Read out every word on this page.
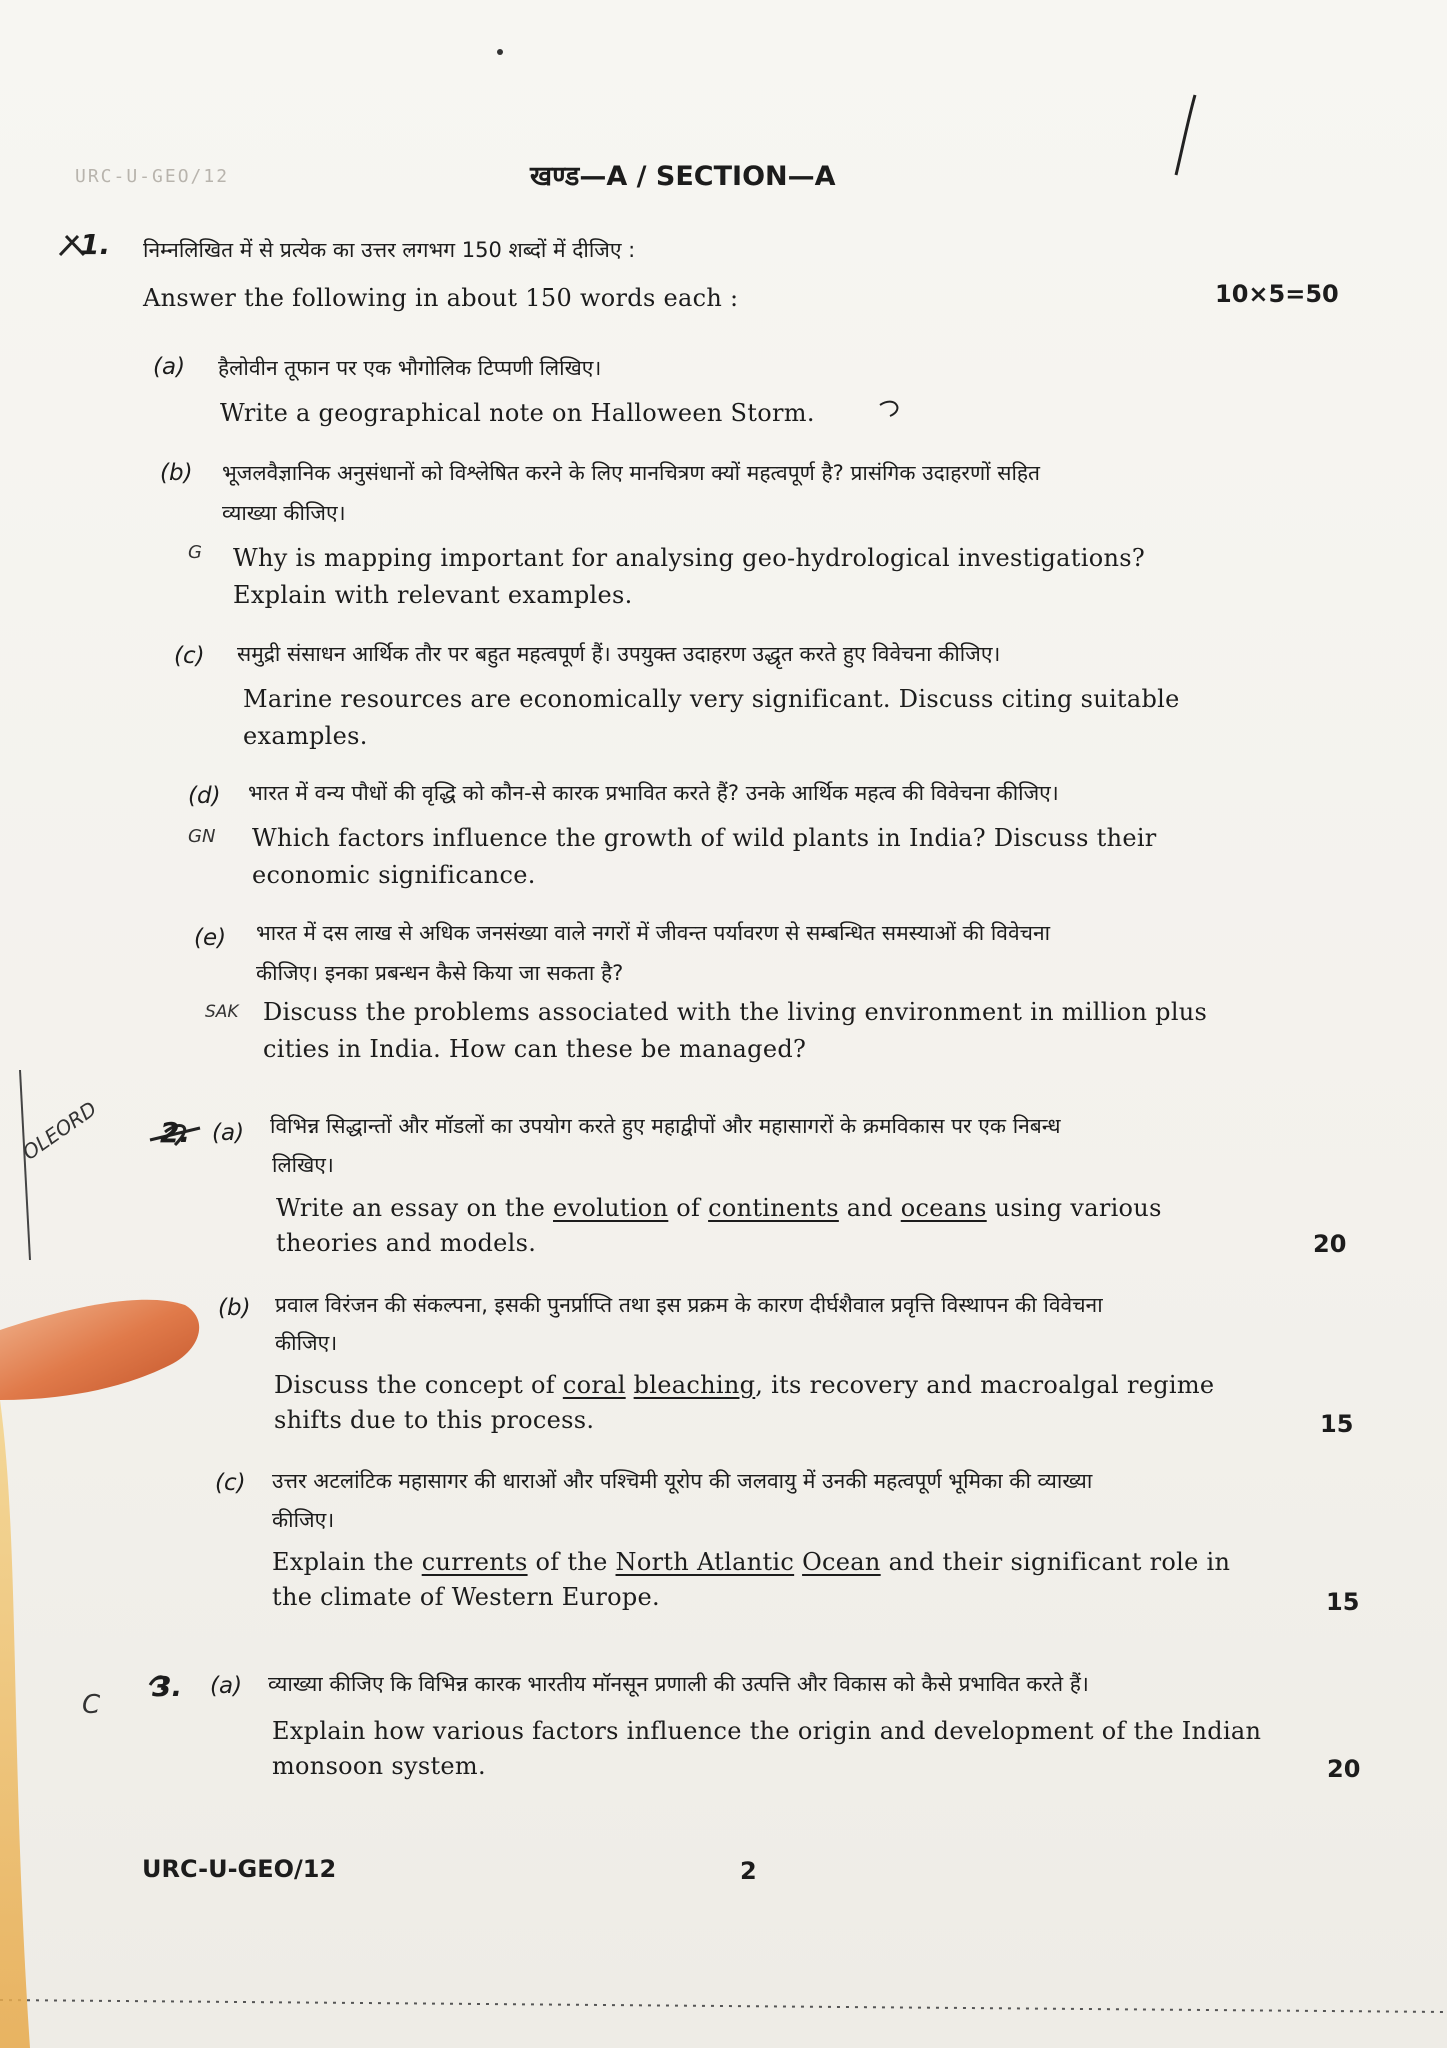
URC-U-GEO/12	खण्ड—A / SECTION—A
1. निम्नलिखित में से प्रत्येक का उत्तर लगभग 150 शब्दों में दीजिए :
Answer the following in about 150 words each :	10×5=50
(a) हैलोवीन तूफान पर एक भौगोलिक टिप्पणी लिखिए।
Write a geographical note on Halloween Storm.
(b) भूजलवैज्ञानिक अनुसंधानों को विश्लेषित करने के लिए मानचित्रण क्यों महत्वपूर्ण है? प्रासंगिक उदाहरणों सहित
व्याख्या कीजिए।
G Why is mapping important for analysing geo-hydrological investigations?
Explain with relevant examples.
(c) समुद्री संसाधन आर्थिक तौर पर बहुत महत्वपूर्ण हैं। उपयुक्त उदाहरण उद्धृत करते हुए विवेचना कीजिए।
Marine resources are economically very significant. Discuss citing suitable
examples.
(d) भारत में वन्य पौधों की वृद्धि को कौन-से कारक प्रभावित करते हैं? उनके आर्थिक महत्व की विवेचना कीजिए।
GN Which factors influence the growth of wild plants in India? Discuss their
economic significance.
(e) भारत में दस लाख से अधिक जनसंख्या वाले नगरों में जीवन्त पर्यावरण से सम्बन्धित समस्याओं की विवेचना
कीजिए। इनका प्रबन्धन कैसे किया जा सकता है?
SAK Discuss the problems associated with the living environment in million plus
cities in India. How can these be managed?
OLEORD 2. (a) विभिन्न सिद्धान्तों और मॉडलों का उपयोग करते हुए महाद्वीपों और महासागरों के क्रमविकास पर एक निबन्ध
लिखिए।
Write an essay on the evolution of continents and oceans using various
theories and models.	20
(b) प्रवाल विरंजन की संकल्पना, इसकी पुनर्प्राप्ति तथा इस प्रक्रम के कारण दीर्घशैवाल प्रवृत्ति विस्थापन की विवेचना
कीजिए।
Discuss the concept of coral bleaching, its recovery and macroalgal regime
shifts due to this process.	15
(c) उत्तर अटलांटिक महासागर की धाराओं और पश्चिमी यूरोप की जलवायु में उनकी महत्वपूर्ण भूमिका की व्याख्या
कीजिए।
Explain the currents of the North Atlantic Ocean and their significant role in
the climate of Western Europe.	15
C
3. (a) व्याख्या कीजिए कि विभिन्न कारक भारतीय मॉनसून प्रणाली की उत्पत्ति और विकास को कैसे प्रभावित करते हैं।
Explain how various factors influence the origin and development of the Indian
monsoon system.	20
URC-U-GEO/12	2
